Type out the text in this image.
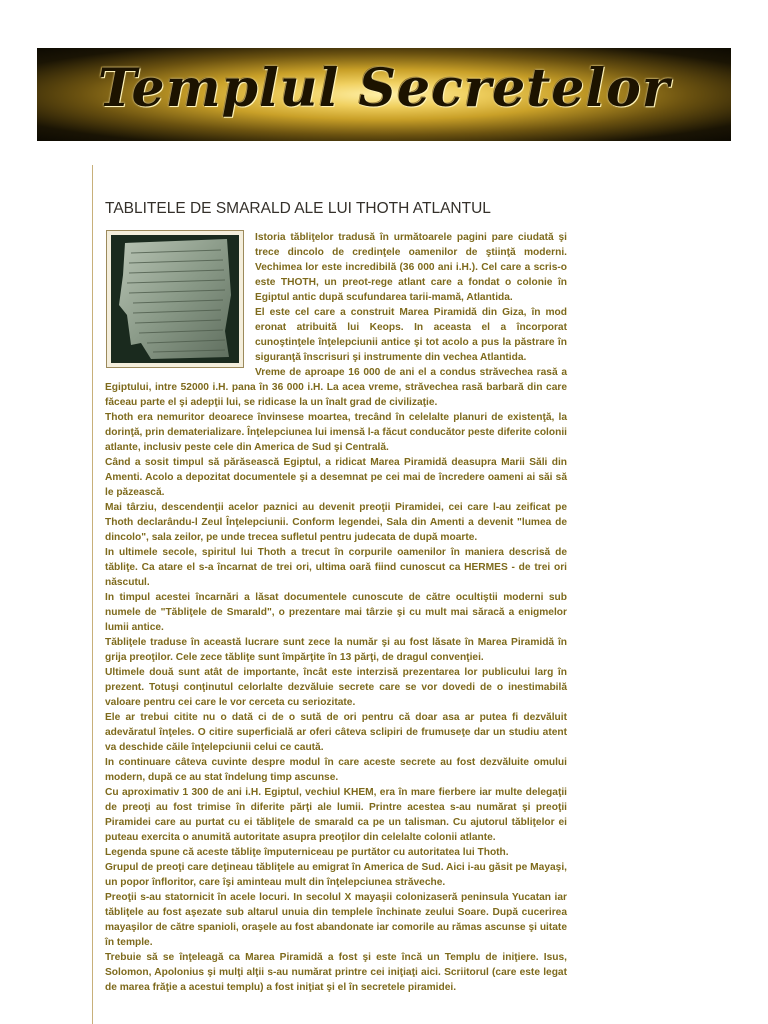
Templul Secretelor
TABLITELE DE SMARALD ALE LUI THOTH ATLANTUL

Istoria tăbliţelor tradusă în următoarele pagini pare ciudată şi trece dincolo de credinţele oamenilor de ştiinţă moderni. Vechimea lor este incredibilă (36 000 ani i.H.). Cel care a scris-o este THOTH, un preot-rege atlant care a fondat o colonie în Egiptul antic după scufundarea tarii-mamă, Atlantida.

El este cel care a construit Marea Piramidă din Giza, în mod eronat atribuită lui Keops. In aceasta el a încorporat cunoştinţele înţelepciunii antice şi tot acolo a pus la păstrare în siguranţă înscrisuri şi instrumente din vechea Atlantida.

Vreme de aproape 16 000 de ani el a condus străvechea rasă a Egiptului, intre 52000 i.H. pana în 36 000 i.H. La acea vreme, străvechea rasă barbară din care făceau parte el şi adepţii lui, se ridicase la un înalt grad de civilizaţie.

Thoth era nemuritor deoarece învinsese moartea, trecând în celelalte planuri de existenţă, la dorinţă, prin dematerializare. Înţelepciunea lui imensă l-a făcut conducător peste diferite colonii atlante, inclusiv peste cele din America de Sud şi Centrală.

Când a sosit timpul să părăsească Egiptul, a ridicat Marea Piramidă deasupra Marii Săli din Amenti. Acolo a depozitat documentele şi a desemnat pe cei mai de încredere oameni ai săi să le păzească.

Mai târziu, descendenţii acelor paznici au devenit preoţii Piramidei, cei care l-au zeificat pe Thoth declarându-l Zeul Înţelepciunii. Conform legendei, Sala din Amenti a devenit "lumea de dincolo", sala zeilor, pe unde trecea sufletul pentru judecata de după moarte.

In ultimele secole, spiritul lui Thoth a trecut în corpurile oamenilor în maniera descrisă de tăbliţe. Ca atare el s-a încarnat de trei ori, ultima oară fiind cunoscut ca HERMES - de trei ori născutul.

In timpul acestei încarnări a lăsat documentele cunoscute de către ocultiştii moderni sub numele de "Tăbliţele de Smarald", o prezentare mai târzie şi cu mult mai săracă a enigmelor lumii antice.

Tăbliţele traduse în această lucrare sunt zece la număr şi au fost lăsate în Marea Piramidă în grija preoţilor. Cele zece tăbliţe sunt împărţite în 13 părţi, de dragul convenţiei.

Ultimele două sunt atât de importante, încât este interzisă prezentarea lor publicului larg în prezent. Totuşi conţinutul celorlalte dezvăluie secrete care se vor dovedi de o inestimabilă valoare pentru cei care le vor cerceta cu seriozitate.

Ele ar trebui citite nu o dată ci de o sută de ori pentru că doar asa ar putea fi dezvăluit adevăratul înţeles. O citire superficială ar oferi câteva sclipiri de frumuseţe dar un studiu atent va deschide căile înţelepciunii celui ce caută.

In continuare câteva cuvinte despre modul în care aceste secrete au fost dezvăluite omului modern, după ce au stat îndelung timp ascunse.

Cu aproximativ 1 300 de ani i.H. Egiptul, vechiul KHEM, era în mare fierbere iar multe delegaţii de preoţi au fost trimise în diferite părţi ale lumii. Printre acestea s-au numărat şi preoţii Piramidei care au purtat cu ei tăbliţele de smarald ca pe un talisman. Cu ajutorul tăbliţelor ei puteau exercita o anumită autoritate asupra preoţilor din celelalte colonii atlante.

Legenda spune că aceste tăbliţe împuterniceau pe purtător cu autoritatea lui Thoth.

Grupul de preoţi care deţineau tăbliţele au emigrat în America de Sud. Aici i-au găsit pe Mayaşi, un popor înfloritor, care îşi aminteau mult din înţelepciunea străveche.

Preoţii s-au statornicit în acele locuri. In secolul X mayaşii colonizaseră peninsula Yucatan iar tăbliţele au fost aşezate sub altarul unuia din templele închinate zeului Soare. După cucerirea mayaşilor de către spanioli, oraşele au fost abandonate iar comorile au rămas ascunse şi uitate în temple.

Trebuie să se înţeleagă ca Marea Piramidă a fost şi este încă un Templu de iniţiere. Isus, Solomon, Apolonius şi mulţi alţii s-au numărat printre cei iniţiaţi aici. Scriitorul (care este legat de marea frăţie a acestui templu) a fost iniţiat şi el în secretele piramidei.
